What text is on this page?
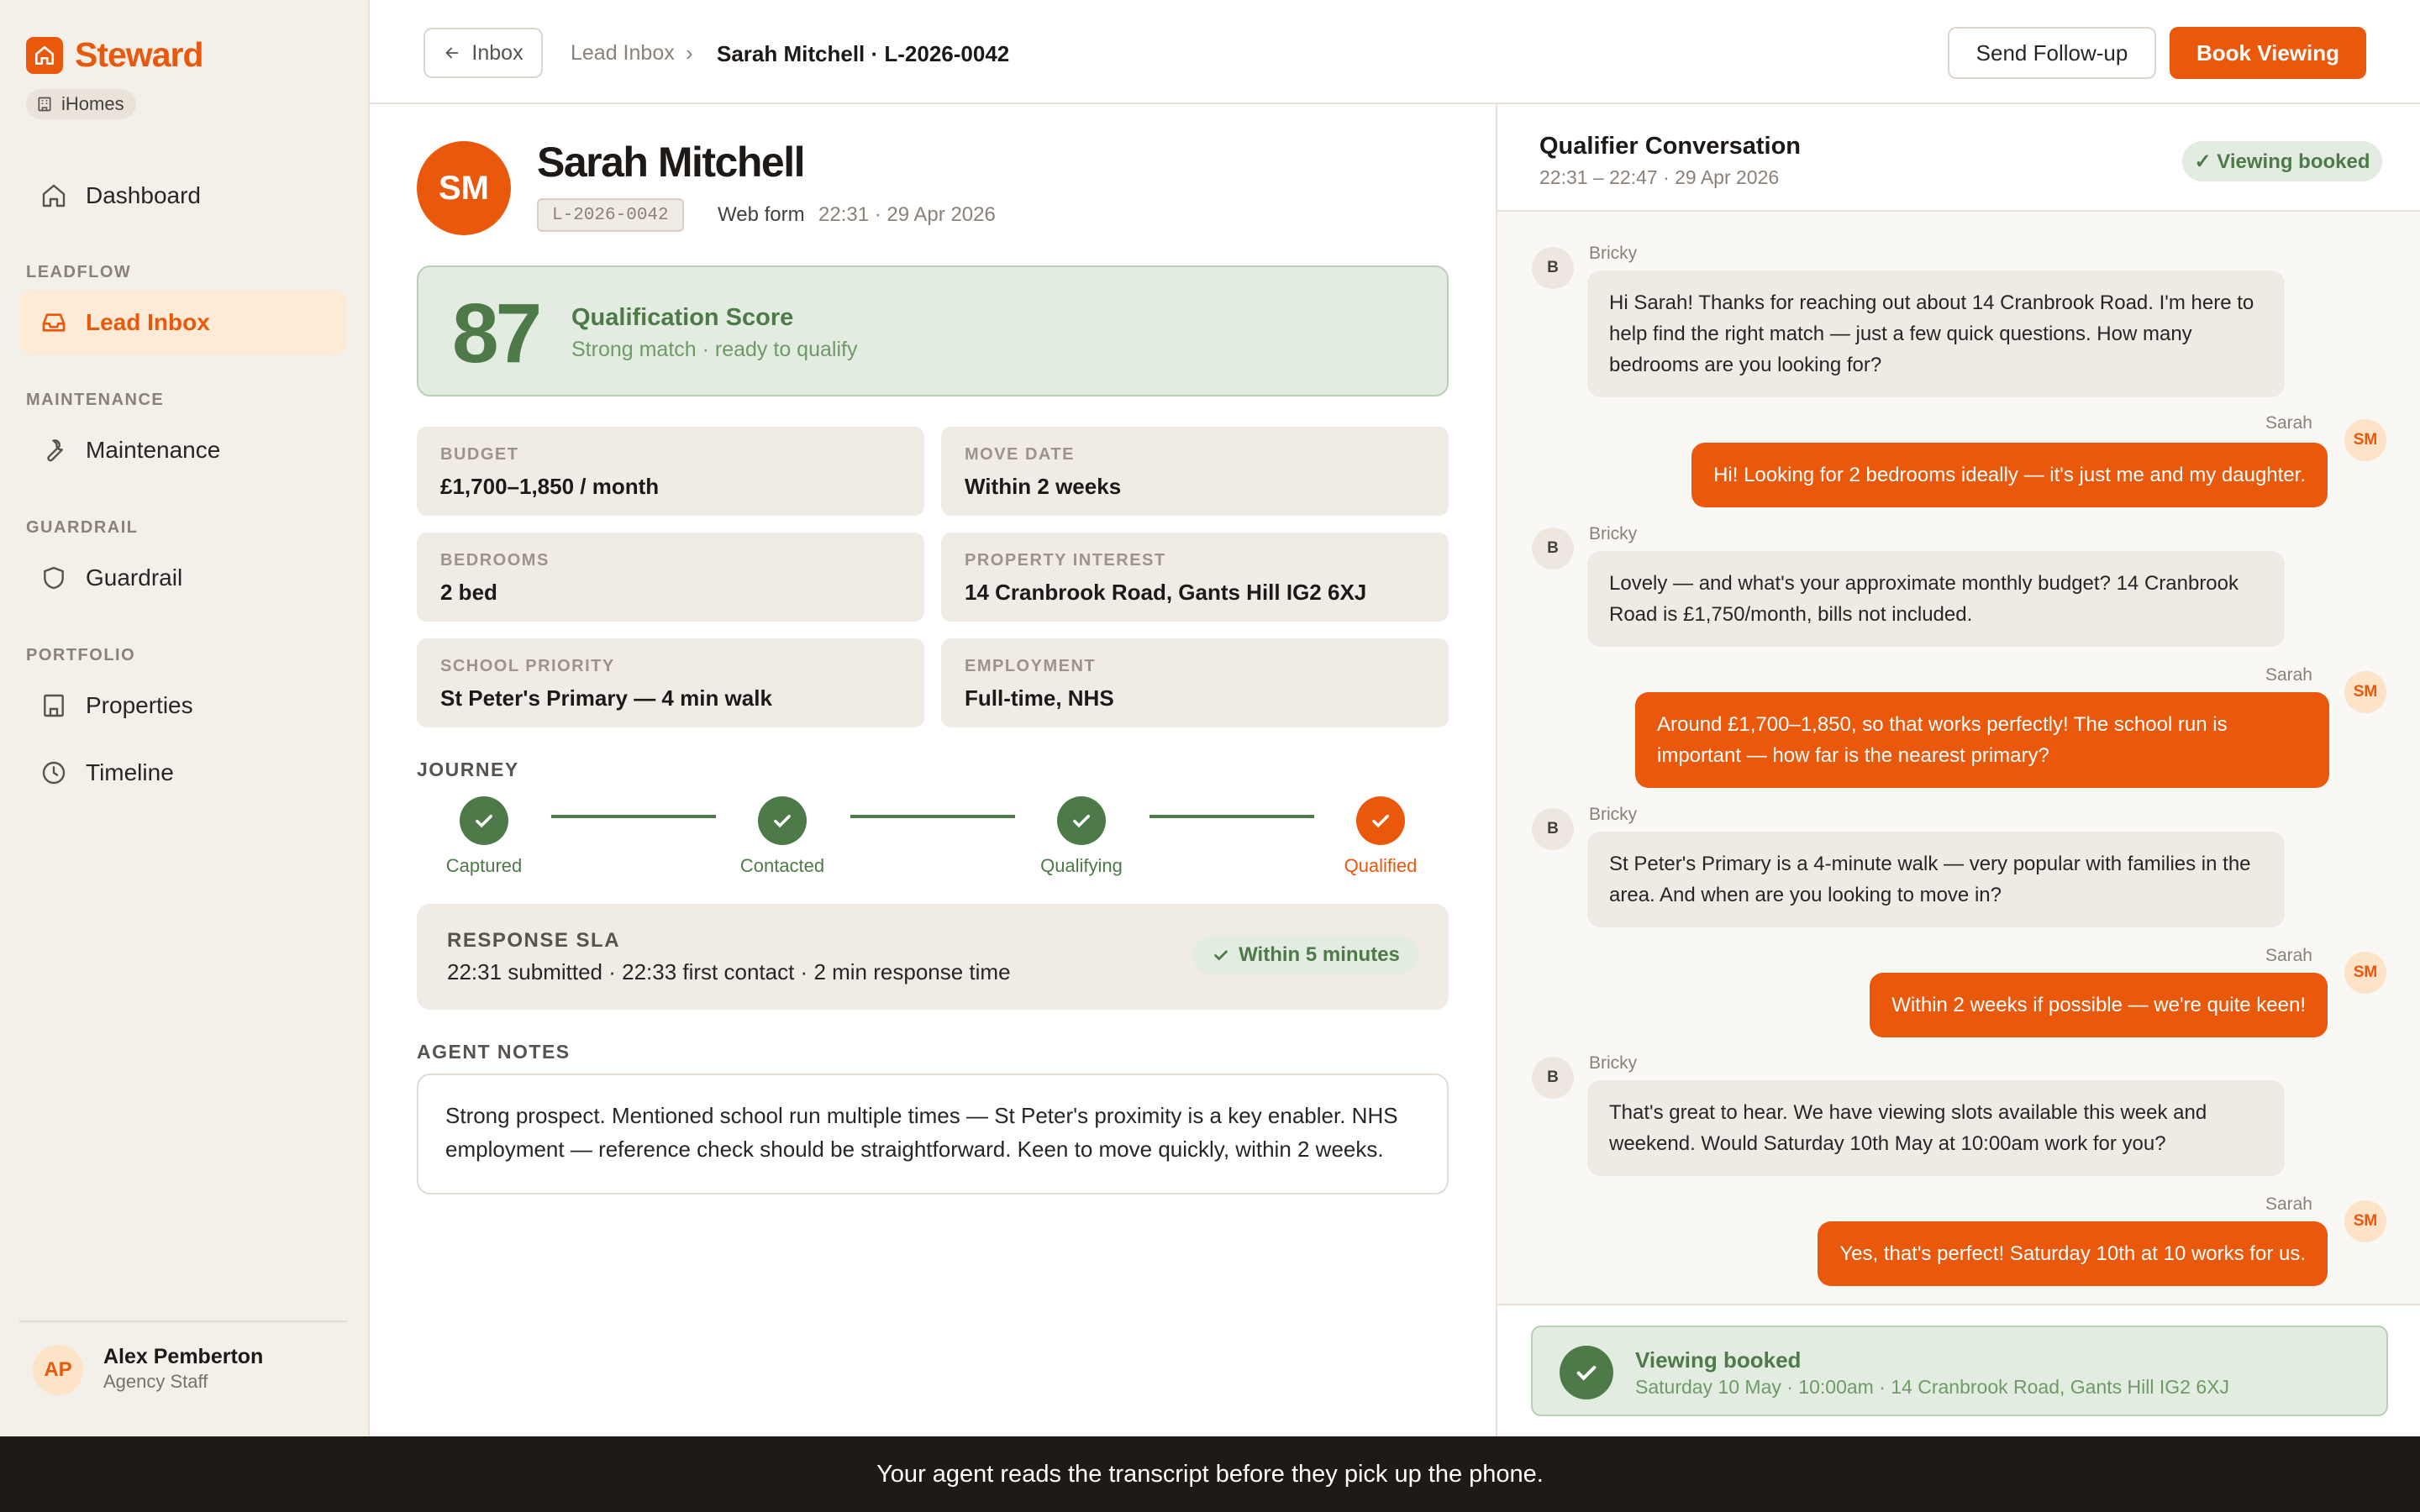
Steward
iHomes
Dashboard
LEADFLOW
Lead Inbox
MAINTENANCE
Maintenance
GUARDRAIL
Guardrail
PORTFOLIO
Properties
Timeline
AP
Alex Pemberton
Agency Staff
Inbox Lead Inbox › Sarah Mitchell · L-2026-0042	Send Follow-up	Book Viewing
SM
Sarah Mitchell
L-2026-0042	Web form 22:31 · 29 Apr 2026
87 Qualification Score
Strong match · ready to qualify
BUDGET
£1,700–1,850 / month
MOVE DATE
Within 2 weeks
BEDROOMS
2 bed
PROPERTY INTEREST
14 Cranbrook Road, Gants Hill IG2 6XJ
SCHOOL PRIORITY
St Peter's Primary — 4 min walk
EMPLOYMENT
Full-time, NHS
JOURNEY
Captured	Contacted	Qualifying	Qualified
RESPONSE SLA
22:31 submitted · 22:33 first contact · 2 min response time
Within 5 minutes
AGENT NOTES
Strong prospect. Mentioned school run multiple times — St Peter's proximity is a key enabler. NHS employment — reference check should be straightforward. Keen to move quickly, within 2 weeks.
Qualifier Conversation
22:31 – 22:47 · 29 Apr 2026
✓ Viewing booked
B
Bricky
Hi Sarah! Thanks for reaching out about 14 Cranbrook Road. I'm here to help find the right match — just a few quick questions. How many bedrooms are you looking for?
Sarah
SM
Hi! Looking for 2 bedrooms ideally — it's just me and my daughter.
B
Bricky
Lovely — and what's your approximate monthly budget? 14 Cranbrook Road is £1,750/month, bills not included.
Sarah
SM
Around £1,700–1,850, so that works perfectly! The school run is important — how far is the nearest primary?
B
Bricky
St Peter's Primary is a 4-minute walk — very popular with families in the area. And when are you looking to move in?
Sarah
SM
Within 2 weeks if possible — we're quite keen!
B
Bricky
That's great to hear. We have viewing slots available this week and weekend. Would Saturday 10th May at 10:00am work for you?
Sarah
SM
Yes, that's perfect! Saturday 10th at 10 works for us.
Viewing booked
Saturday 10 May · 10:00am · 14 Cranbrook Road, Gants Hill IG2 6XJ
Your agent reads the transcript before they pick up the phone.
